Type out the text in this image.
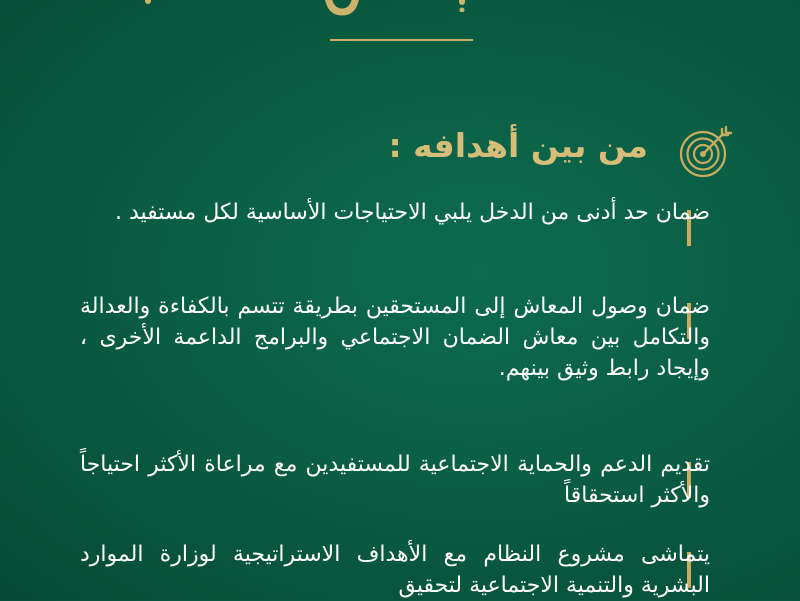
من بين أهدافه :
ضمان حد أدنى من الدخل يلبي الاحتياجات الأساسية لكل مستفيد .
ضمان وصول المعاش إلى المستحقين بطريقة تتسم بالكفاءة والعدالة والتكامل بين معاش الضمان الاجتماعي والبرامج الداعمة الأخرى ، وإيجاد رابط وثيق بينهم.
تقديم الدعم والحماية الاجتماعية للمستفيدين مع مراعاة الأكثر احتياجاً والأكثر استحقاقاً
يتماشى مشروع النظام مع الأهداف الاستراتيجية لوزارة الموارد البشرية والتنمية الاجتماعية لتحقيق
